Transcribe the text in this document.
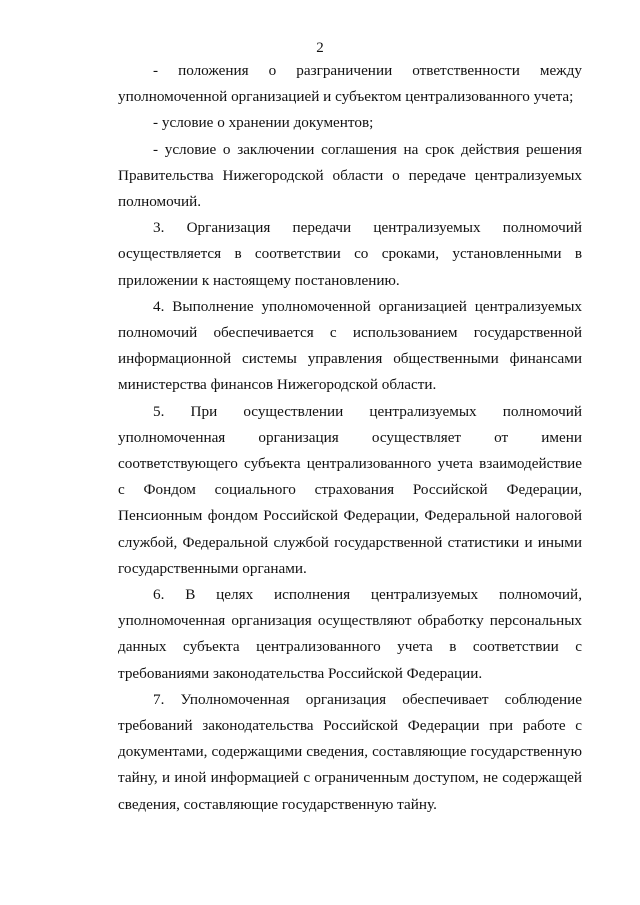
2

- положения о разграничении ответственности между уполномоченной организацией и субъектом централизованного учета;

- условие о хранении документов;

- условие о заключении соглашения на срок действия решения Правительства Нижегородской области о передаче централизуемых полномочий.

3. Организация передачи централизуемых полномочий осуществляется в соответствии со сроками, установленными в приложении к настоящему постановлению.

4. Выполнение уполномоченной организацией централизуемых полномочий обеспечивается с использованием государственной информационной системы управления общественными финансами министерства финансов Нижегородской области.

5. При осуществлении централизуемых полномочий уполномоченная организация осуществляет от имени соответствующего субъекта централизованного учета взаимодействие с Фондом социального страхования Российской Федерации, Пенсионным фондом Российской Федерации, Федеральной налоговой службой, Федеральной службой государственной статистики и иными государственными органами.

6. В целях исполнения централизуемых полномочий, уполномоченная организация осуществляют обработку персональных данных субъекта централизованного учета в соответствии с требованиями законодательства Российской Федерации.

7. Уполномоченная организация обеспечивает соблюдение требований законодательства Российской Федерации при работе с документами, содержащими сведения, составляющие государственную тайну, и иной информацией с ограниченным доступом, не содержащей сведения, составляющие государственную тайну.
